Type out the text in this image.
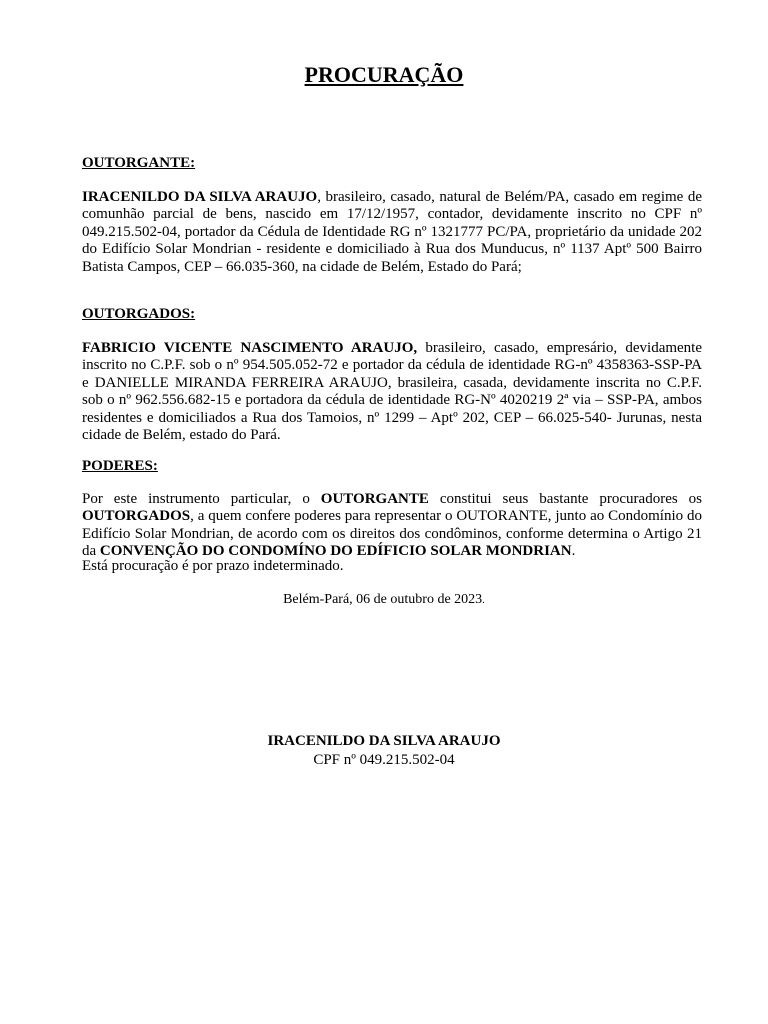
PROCURAÇÃO
OUTORGANTE:

IRACENILDO DA SILVA ARAUJO, brasileiro, casado, natural de Belém/PA, casado em regime de comunhão parcial de bens, nascido em 17/12/1957, contador, devidamente inscrito no CPF nº 049.215.502-04, portador da Cédula de Identidade RG nº 1321777 PC/PA, proprietário da unidade 202 do Edifício Solar Mondrian - residente e domiciliado à Rua dos Munducus, nº 1137 Aptº 500 Bairro Batista Campos, CEP – 66.035-360, na cidade de Belém, Estado do Pará;

OUTORGADOS:

FABRICIO VICENTE NASCIMENTO ARAUJO, brasileiro, casado, empresário, devidamente inscrito no C.P.F. sob o nº 954.505.052-72 e portador da cédula de identidade RG-nº 4358363-SSP-PA e DANIELLE MIRANDA FERREIRA ARAUJO, brasileira, casada, devidamente inscrita no C.P.F. sob o nº 962.556.682-15 e portadora da cédula de identidade RG-Nº 4020219 2ª via – SSP-PA, ambos residentes e domiciliados a Rua dos Tamoios, nº 1299 – Aptº 202, CEP – 66.025-540- Jurunas, nesta cidade de Belém, estado do Pará.

PODERES:

Por este instrumento particular, o OUTORGANTE constitui seus bastante procuradores os OUTORGADOS, a quem confere poderes para representar o OUTORANTE, junto ao Condomínio do Edifício Solar Mondrian, de acordo com os direitos dos condôminos, conforme determina o Artigo 21 da CONVENÇÃO DO CONDOMÍNO DO EDÍFICIO SOLAR MONDRIAN.

Está procuração é por prazo indeterminado.
Belém-Pará, 06 de outubro de 2023.
IRACENILDO DA SILVA ARAUJO
CPF nº 049.215.502-04
